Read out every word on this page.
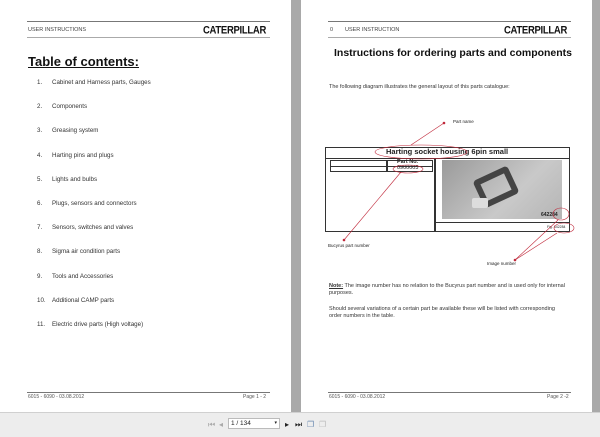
USER INSTRUCTIONS	CATERPILLAR
Table of contents:
1. Cabinet and Harness parts, Gauges
2. Components
3. Greasing system
4. Harting pins and plugs
5. Lights and bulbs
6. Plugs, sensors and connectors
7. Sensors, switches and valves
8. Sigma air condition parts
9. Tools and Accessories
10. Additional CAMP parts
11. Electric drive parts (High voltage)
6015 - 6090 - 03.08.2012	Page 1 - 2
0 USER INSTRUCTION	CATERPILLAR
Instructions for ordering parts and components
The following diagram illustrates the general layout of this parts catalogue:
Harting socket housing 6pin small
Part No.
0900003
642284
Fig. 642284
Part name
Bucyrus part number
Image number
Note: The image number has no relation to the Bucyrus part number and is used only for internal purposes.
Should several variations of a certain part be available these will be listed with corresponding order numbers in the table.
6015 - 6090 - 03.08.2012	Page 2 -2
⏮ ◂	1 / 134	▾ ▸ ⏭ ❐ ❐
